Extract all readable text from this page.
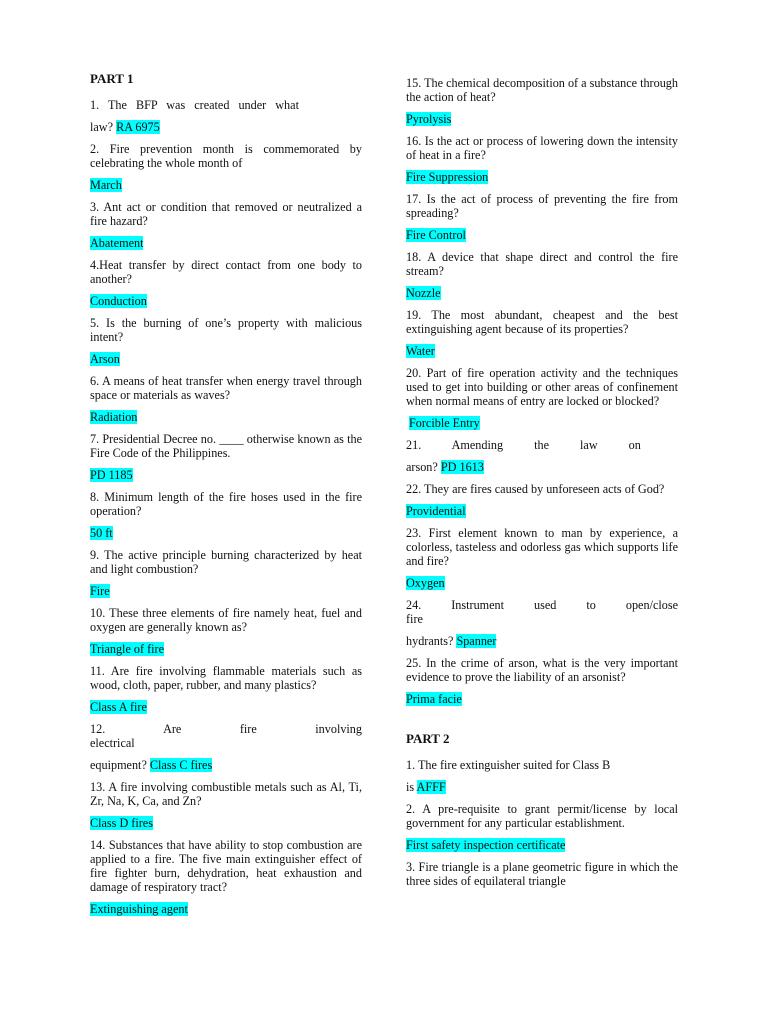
PART 1

1. The BFP was created under what

law? RA 6975

2. Fire prevention month is commemorated by celebrating the whole month of

March

3. Ant act or condition that removed or neutralized a fire hazard?

Abatement

4.Heat transfer by direct contact from one body to another?

Conduction

5. Is the burning of one’s property with malicious intent?

Arson

6. A means of heat transfer when energy travel through space or materials as waves?

Radiation

7. Presidential Decree no. ____ otherwise known as the Fire Code of the Philippines.

PD 1185

8. Minimum length of the fire hoses used in the fire operation?

50 ft

9. The active principle burning characterized by heat and light combustion?

Fire

10. These three elements of fire namely heat, fuel and oxygen are generally known as?

Triangle of fire

11. Are fire involving flammable materials such as wood, cloth, paper, rubber, and many plastics?

Class A fire

12. Are fire involving electrical

equipment? Class C fires

13. A fire involving combustible metals such as Al, Ti, Zr, Na, K, Ca, and Zn?

Class D fires

14. Substances that have ability to stop combustion are applied to a fire. The five main extinguisher effect of fire fighter burn, dehydration, heat exhaustion and damage of respiratory tract?

Extinguishing agent

15. The chemical decomposition of a substance through the action of heat?

Pyrolysis

16. Is the act or process of lowering down the intensity of heat in a fire?

Fire Suppression

17. Is the act of process of preventing the fire from spreading?

Fire Control

18. A device that shape direct and control the fire stream?

Nozzle

19. The most abundant, cheapest and the best extinguishing agent because of its properties?

Water

20. Part of fire operation activity and the techniques used to get into building or other areas of confinement when normal means of entry are locked or blocked?

Forcible Entry

21. Amending the law on

arson? PD 1613

22. They are fires caused by unforeseen acts of God?

Providential

23. First element known to man by experience, a colorless, tasteless and odorless gas which supports life and fire?

Oxygen

24. Instrument used to open/close fire

hydrants? Spanner

25. In the crime of arson, what is the very important evidence to prove the liability of an arsonist?

Prima facie

PART 2

1. The fire extinguisher suited for Class B

is AFFF

2. A pre-requisite to grant permit/license by local government for any particular establishment.

First safety inspection certificate

3. Fire triangle is a plane geometric figure in which the three sides of equilateral triangle
